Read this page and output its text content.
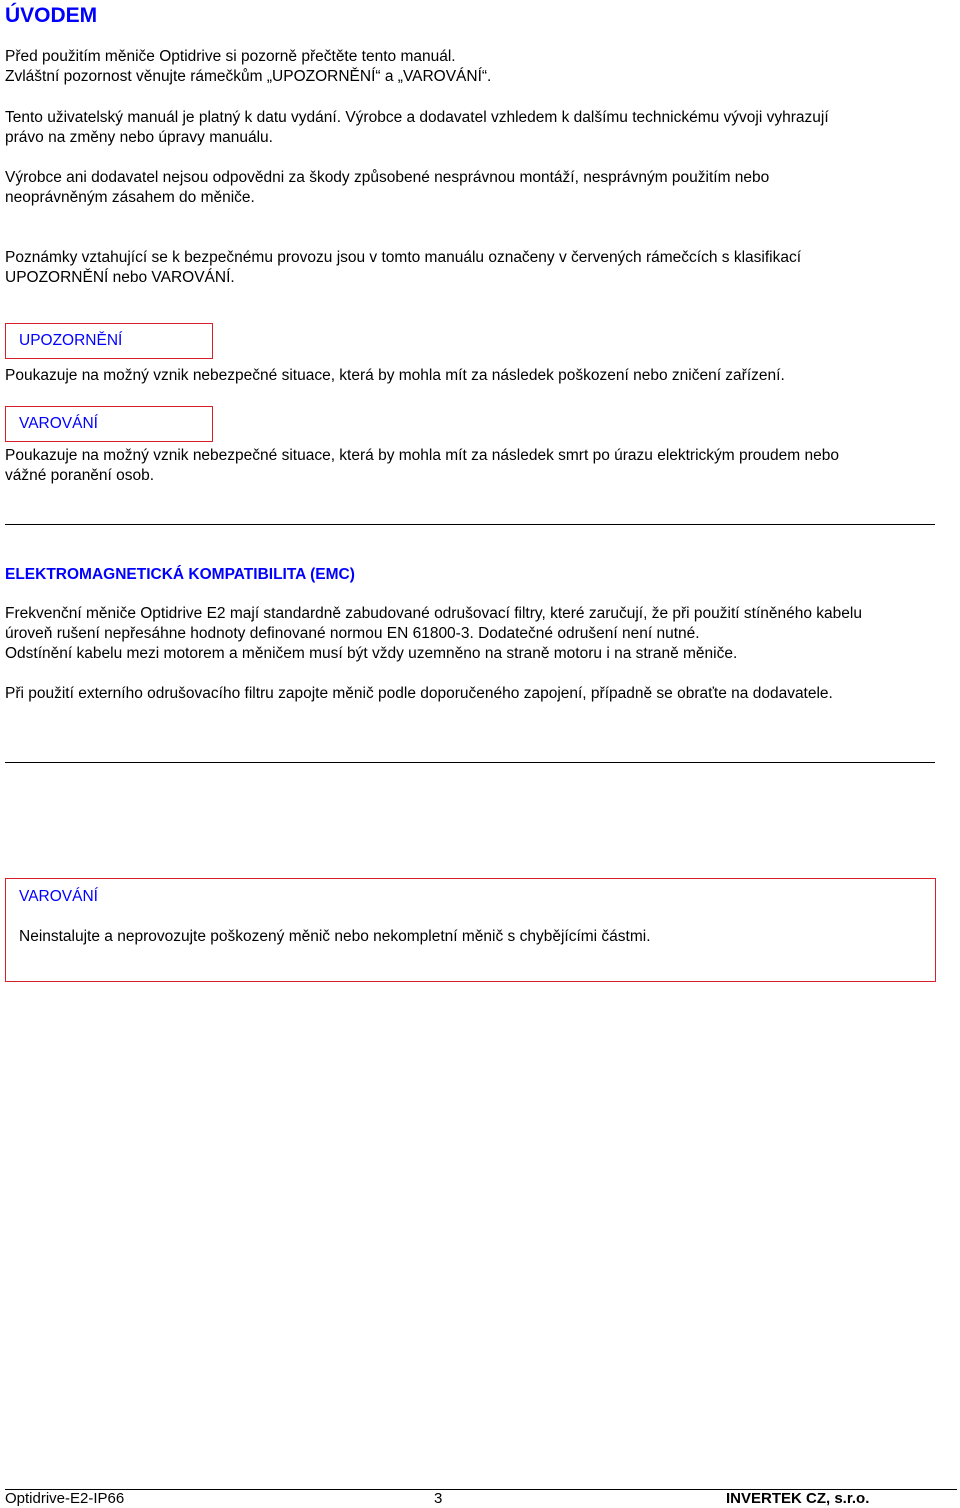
ÚVODEM
Před použitím měniče Optidrive si pozorně přečtěte tento manuál.
Zvláštní pozornost věnujte rámečkům „UPOZORNĚNÍ“ a „VAROVÁNÍ“.
Tento uživatelský manuál je platný k datu vydání. Výrobce a dodavatel vzhledem k dalšímu technickému vývoji vyhrazují
právo na změny nebo úpravy manuálu.
Výrobce ani dodavatel nejsou odpovědni za škody způsobené nesprávnou montáží, nesprávným použitím nebo
neoprávněným zásahem do měniče.
Poznámky vztahující se k bezpečnému provozu jsou v tomto manuálu označeny v červených rámečcích s klasifikací
UPOZORNĚNÍ nebo VAROVÁNÍ.
UPOZORNĚNÍ
Poukazuje na možný vznik nebezpečné situace, která by mohla mít za následek poškození nebo zničení zařízení.
VAROVÁNÍ
Poukazuje na možný vznik nebezpečné situace, která by mohla mít za následek smrt po úrazu elektrickým proudem nebo
vážné poranění osob.
ELEKTROMAGNETICKÁ KOMPATIBILITA (EMC)
Frekvenční měniče Optidrive E2 mají standardně zabudované odrušovací filtry, které zaručují, že při použití stíněného kabelu
úroveň rušení nepřesáhne hodnoty definované normou EN 61800-3. Dodatečné odrušení není nutné.
Odstínění kabelu mezi motorem a měničem musí být vždy uzemněno na straně motoru i na straně měniče.
Při použití externího odrušovacího filtru zapojte měnič podle doporučeného zapojení, případně se obraťte na dodavatele.
VAROVÁNÍ
Neinstalujte a neprovozujte poškozený měnič nebo nekompletní měnič s chybějícími částmi.
Optidrive-E2-IP66	3	INVERTEK CZ, s.r.o.
